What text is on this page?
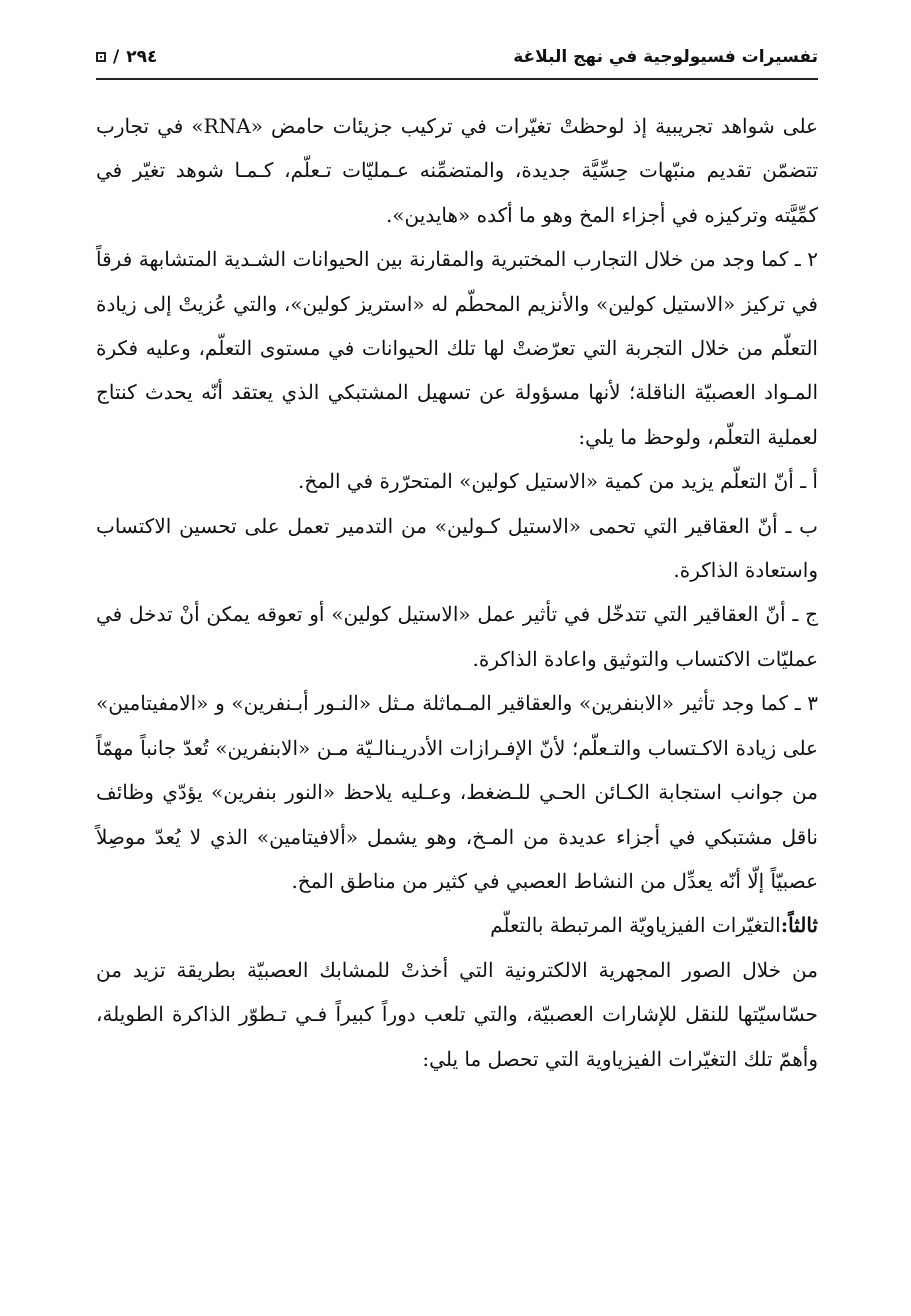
تفسيرات فسيولوجية في نهج البلاغة
٢٩٤
/

على شواهد تجريبية إذ لوحظتْ تغيّرات في تركيب جزيئات حامض «RNA» في تجارب تتضمّن تقديم منبّهات حِسِّيَّة جديدة، والمتضمِّنه عـمليّات تـعلّم، كـمـا شوهد تغيّر في كمِّيَّته وتركيزه في أجزاء المخ وهو ما أكده «هايدين».

٢ ـ كما وجد من خلال التجارب المختبرية والمقارنة بين الحيوانات الشـدية المتشابهة فرقاً في تركيز «الاستيل كولين» والأنزيم المحطّم له «استريز كولين»، والتي عُزيتْ إلى زيادة التعلّم من خلال التجربة التي تعرّضتْ لها تلك الحيوانات في مستوى التعلّم، وعليه فكرة المـواد العصبيّة الناقلة؛ لأنها مسؤولة عن تسهيل المشتبكي الذي يعتقد أنّه يحدث كنتاج لعملية التعلّم، ولوحظ ما يلي:

أ ـ أنّ التعلّم يزيد من كمية «الاستيل كولين» المتحرّرة في المخ.

ب ـ أنّ العقاقير التي تحمى «الاستيل كـولين» من التدمير تعمل على تحسين الاكتساب واستعادة الذاكرة.

ج ـ أنّ العقاقير التي تتدخّل في تأثير عمل «الاستيل كولين» أو تعوقه يمكن أنْ تدخل في عمليّات الاكتساب والتوثيق واعادة الذاكرة.

٣ ـ كما وجد تأثير «الابنفرين» والعقاقير المـماثلة مـثل «النـور أبـنفرين» و «الامفيتامين» على زيادة الاكـتساب والتـعلّم؛ لأنّ الإفـرازات الأدريـنالـيّة مـن «الابنفرين» تُعدّ جانباً مهمّاً من جوانب استجابة الكـائن الحـي للـضغط، وعـليه يلاحظ «النور بنفرين» يؤدّي وظائف ناقل مشتبكي في أجزاء عديدة من المـخ، وهو يشمل «ألافيتامين» الذي لا يُعدّ موصِلاً عصبيّاً إلّا أنّه يعدِّل من النشاط العصبي في كثير من مناطق المخ.

ثالثاً:التغيّرات الفيزياويّة المرتبطة بالتعلّم

من خلال الصور المجهرية الالكترونية التي أخذتْ للمشابك العصبيّة بطريقة تزيد من حسّاسيّتها للنقل للإشارات العصبيّة، والتي تلعب دوراً كبيراً فـي تـطوّر الذاكرة الطويلة، وأهمّ تلك التغيّرات الفيزياوية التي تحصل ما يلي:
